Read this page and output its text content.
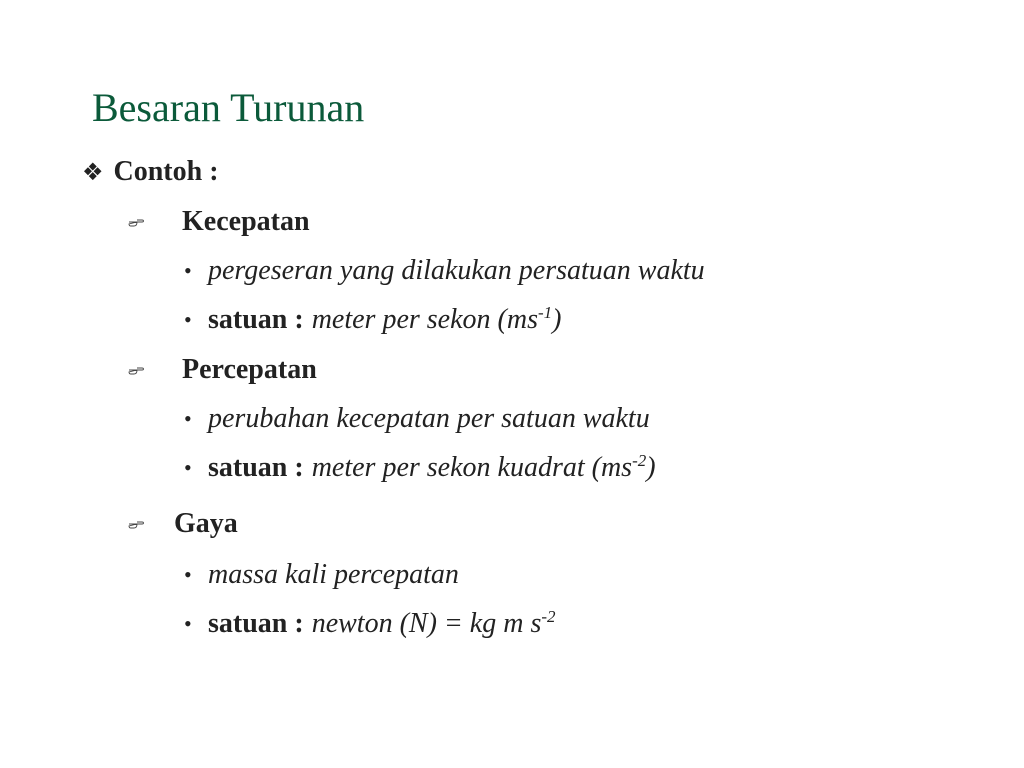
Besaran Turunan
❖ Contoh :
Kecepatan
• pergeseran yang dilakukan persatuan waktu
• satuan : meter per sekon $(ms^{-1})$
Percepatan
• perubahan kecepatan per satuan waktu
• satuan : meter per sekon kuadrat $(ms^{-2})$
Gaya
• massa kali percepatan
• satuan : newton (N) = kg m $s^{-2}$
